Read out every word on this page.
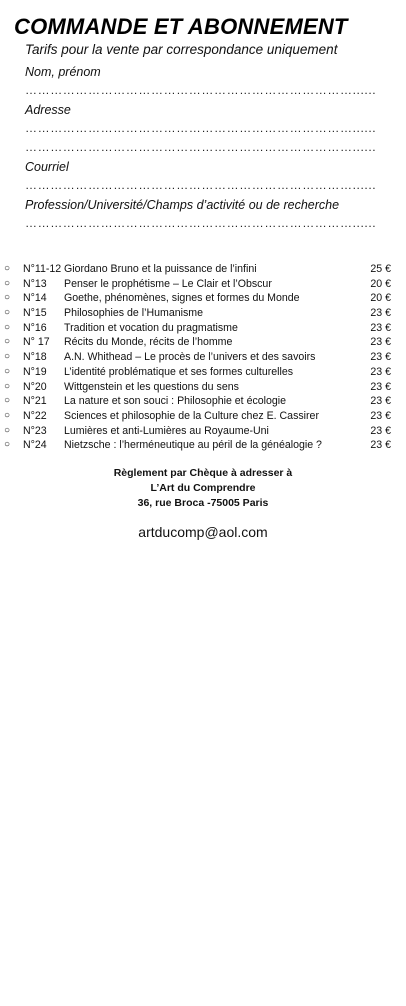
COMMANDE ET ABONNEMENT
Tarifs pour la vente par correspondance uniquement
Nom, prénom
……………………………………………………………………......
Adresse
……………………………………………………………………......
……………………………………………………………………......
Courriel
……………………………………………………………………......
Profession/Université/Champs d’activité ou de recherche
……………………………………………………………………......
○ N°11-12 Giordano Bruno et la puissance de l’infini	25 €
○ N°13 Penser le prophétisme – Le Clair et l’Obscur	20 €
○ N°14 Goethe, phénomènes, signes et formes du Monde	20 €
○ N°15 Philosophies de l’Humanisme	23 €
○ N°16 Tradition et vocation du pragmatisme	23 €
○ N° 17 Récits du Monde, récits de l’homme	23 €
○ N°18 A.N. Whithead – Le procès de l’univers et des savoirs	23 €
○ N°19 L’identité problématique et ses formes culturelles	23 €
○ N°20 Wittgenstein et les questions du sens	23 €
○ N°21 La nature et son souci : Philosophie et écologie	23 €
○ N°22 Sciences et philosophie de la Culture chez E. Cassirer	23 €
○ N°23 Lumières et anti-Lumières au Royaume-Uni	23 €
○ N°24 Nietzsche : l’herméneutique au péril de la généalogie ?	23 €
Règlement par Chèque à adresser à
L’Art du Comprendre
36, rue Broca -75005 Paris
artducomp@aol.com
